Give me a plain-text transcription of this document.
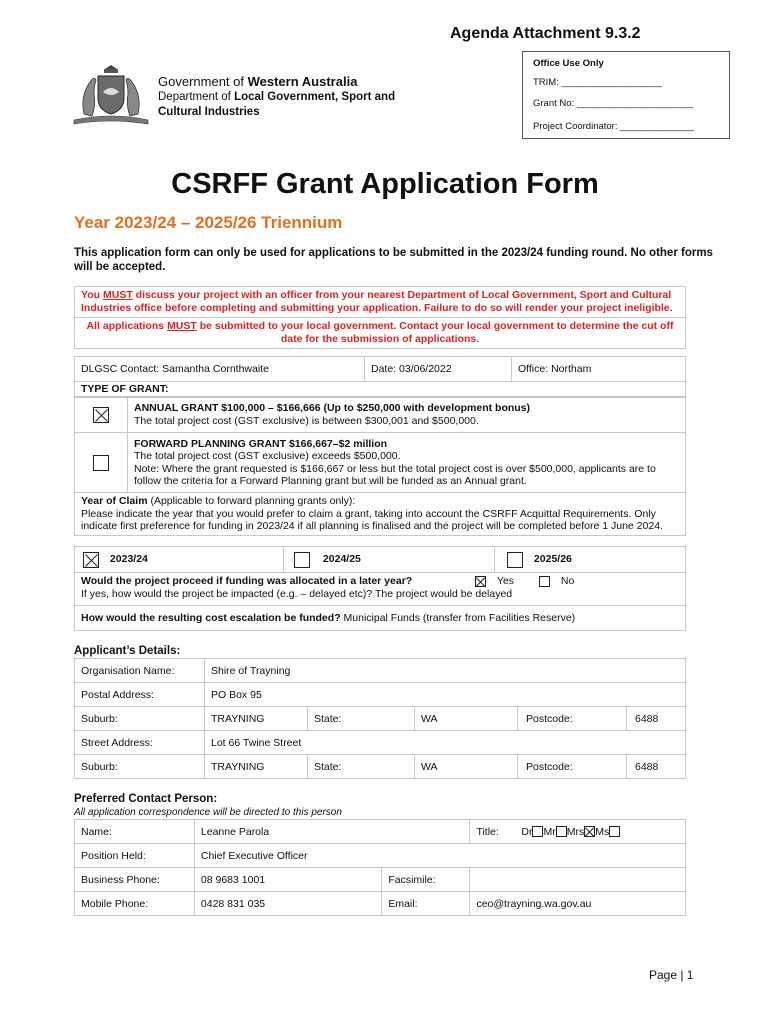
Agenda Attachment 9.3.2
Office Use Only
TRIM: ___________________
Grant No: ______________________
Project Coordinator: ______________
Government of Western Australia
Department of Local Government, Sport and Cultural Industries
CSRFF Grant Application Form
Year 2023/24 – 2025/26 Triennium
This application form can only be used for applications to be submitted in the 2023/24 funding round. No other forms will be accepted.
You MUST discuss your project with an officer from your nearest Department of Local Government, Sport and Cultural Industries office before completing and submitting your application. Failure to do so will render your project ineligible.
All applications MUST be submitted to your local government. Contact your local government to determine the cut off date for the submission of applications.
DLGSC Contact: Samantha Cornthwaite	Date: 03/06/2022	Office: Northam
TYPE OF GRANT:
	ANNUAL GRANT $100,000 – $166,666 (Up to $250,000 with development bonus)
The total project cost (GST exclusive) is between $300,001 and $500,000.
	FORWARD PLANNING GRANT $166,667–$2 million
The total project cost (GST exclusive) exceeds $500,000.
Note: Where the grant requested is $166,667 or less but the total project cost is over $500,000, applicants are to follow the criteria for a Forward Planning grant but will be funded as an Annual grant.
Year of Claim (Applicable to forward planning grants only):
Please indicate the year that you would prefer to claim a grant, taking into account the CSRFF Acquittal Requirements. Only indicate first preference for funding in 2023/24 if all planning is finalised and the project will be completed before 1 June 2024.
2023/24	2024/25	2025/26
Would the project proceed if funding was allocated in a later year?	Yes	No
If yes, how would the project be impacted (e.g. – delayed etc)? The project would be delayed
How would the resulting cost escalation be funded? Municipal Funds (transfer from Facilities Reserve)
Applicant’s Details:
Organisation Name:	Shire of Trayning				
Postal Address:	PO Box 95				
Suburb:	TRAYNING	State:	WA	Postcode:	6488
Street Address:	Lot 66 Twine Street				
Suburb:	TRAYNING	State:	WA	Postcode:	6488
Preferred Contact Person:
All application correspondence will be directed to this person
Name:	Leanne Parola		Title: Dr Mr Mrs Ms
Position Held:	Chief Executive Officer		
Business Phone:	08 9683 1001	Facsimile:	
Mobile Phone:	0428 831 035	Email:	ceo@trayning.wa.gov.au
Page | 1
